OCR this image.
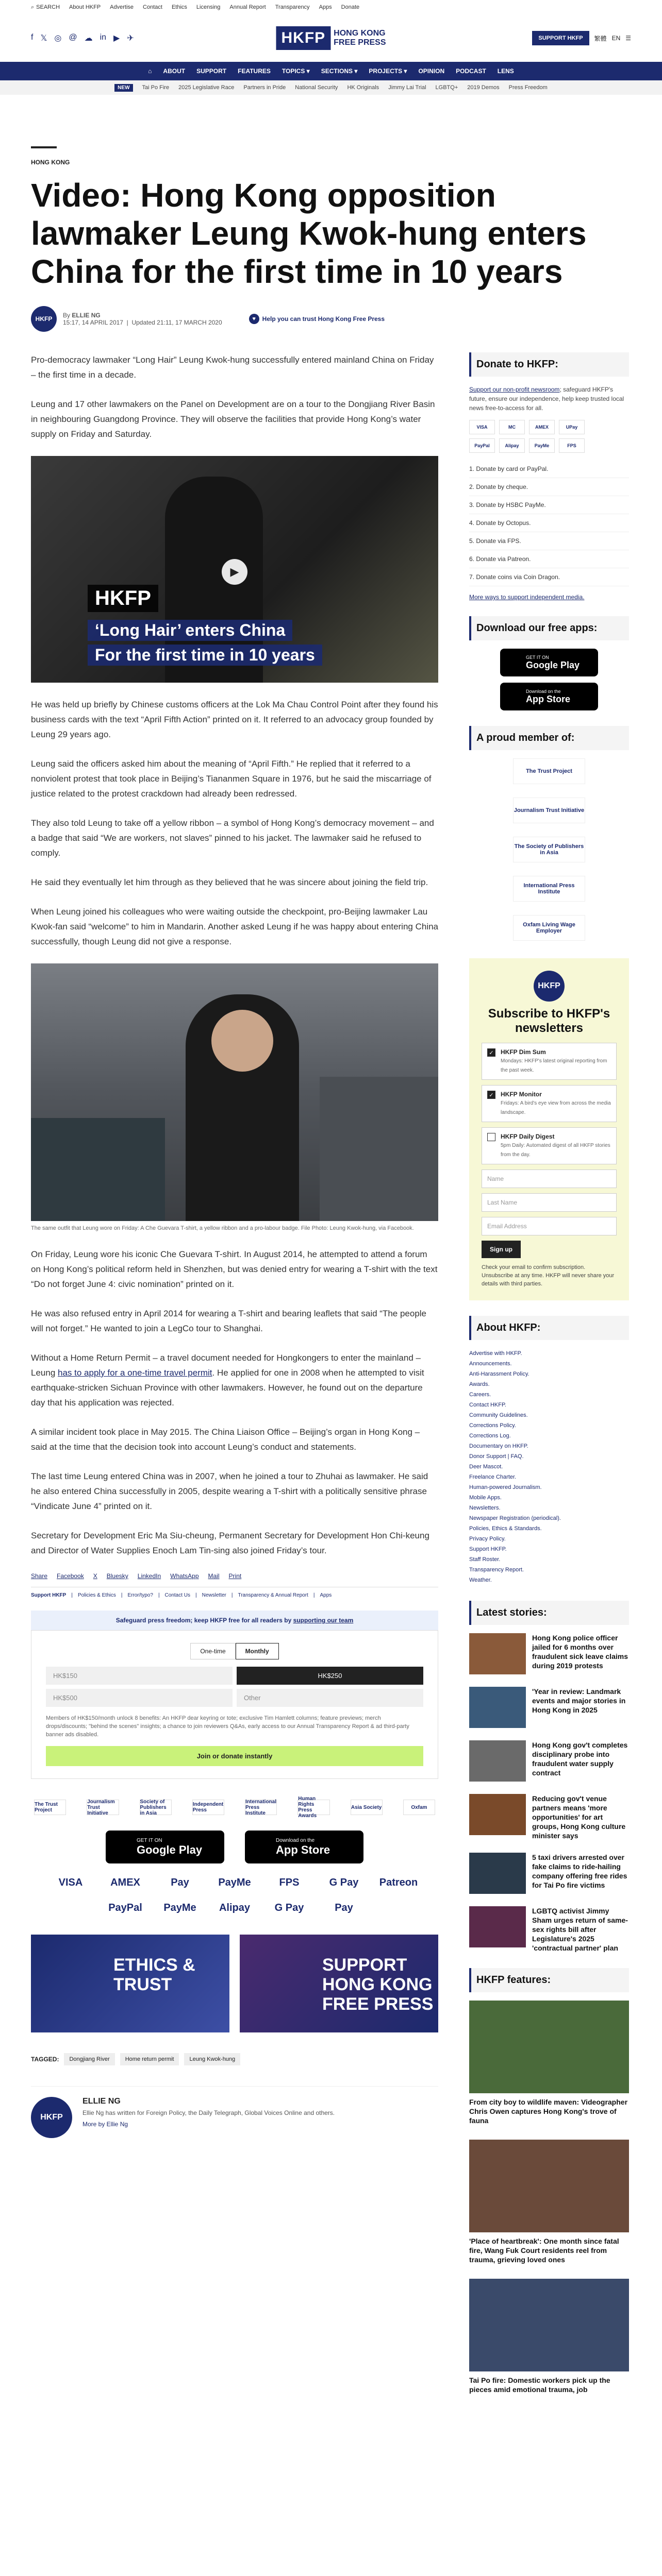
⌕ SEARCH About HKFP Advertise Contact Ethics Licensing Annual Report Transparency Apps Donate
f 𝕏 ◎ @ ☁ in ▶ ✈	HKFP	HONG KONG
FREE PRESS	SUPPORT HKFP	繁體 EN ☰
⌂ ABOUT SUPPORT FEATURES TOPICS ▾ SECTIONS ▾ PROJECTS ▾ OPINION PODCAST LENS
NEW	Tai Po Fire 2025 Legislative Race Partners in Pride National Security HK Originals Jimmy Lai Trial LGBTQ+ 2019 Demos Press Freedom
HONG KONG
Video: Hong Kong opposition lawmaker Leung Kwok-hung enters China for the first time in 10 years
HKFP	By ELLIE NG
15:17, 14 APRIL 2017  |  Updated 21:11, 17 MARCH 2020	♥	Help you can trust Hong Kong Free Press

Pro-democracy lawmaker “Long Hair” Leung Kwok-hung successfully entered mainland China on Friday – the first time in a decade.

Leung and 17 other lawmakers on the Panel on Development are on a tour to the Dongjiang River Basin in neighbouring Guangdong Province. They will observe the facilities that provide Hong Kong’s water supply on Friday and Saturday.

HKFP
‘Long Hair’ enters China
For the first time in 10 years
▶

He was held up briefly by Chinese customs officers at the Lok Ma Chau Control Point after they found his business cards with the text “April Fifth Action” printed on it. It referred to an advocacy group founded by Leung 29 years ago.

Leung said the officers asked him about the meaning of “April Fifth.” He replied that it referred to a nonviolent protest that took place in Beijing’s Tiananmen Square in 1976, but he said the miscarriage of justice related to the protest crackdown had already been redressed.

They also told Leung to take off a yellow ribbon – a symbol of Hong Kong’s democracy movement – and a badge that said “We are workers, not slaves” pinned to his jacket. The lawmaker said he refused to comply.

He said they eventually let him through as they believed that he was sincere about joining the field trip.

When Leung joined his colleagues who were waiting outside the checkpoint, pro-Beijing lawmaker Lau Kwok-fan said “welcome” to him in Mandarin. Another asked Leung if he was happy about entering China successfully, though Leung did not give a response.

The same outfit that Leung wore on Friday: A Che Guevara T-shirt, a yellow ribbon and a pro-labour badge. File Photo: Leung Kwok-hung, via Facebook.

On Friday, Leung wore his iconic Che Guevara T-shirt. In August 2014, he attempted to attend a forum on Hong Kong’s political reform held in Shenzhen, but was denied entry for wearing a T-shirt with the text “Do not forget June 4: civic nomination” printed on it.

He was also refused entry in April 2014 for wearing a T-shirt and bearing leaflets that said “The people will not forget.” He wanted to join a LegCo tour to Shanghai.

Without a Home Return Permit – a travel document needed for Hongkongers to enter the mainland – Leung has to apply for a one-time travel permit. He applied for one in 2008 when he attempted to visit earthquake-stricken Sichuan Province with other lawmakers. However, he found out on the departure day that his application was rejected.

A similar incident took place in May 2015. The China Liaison Office – Beijing’s organ in Hong Kong – said at the time that the decision took into account Leung’s conduct and statements.

The last time Leung entered China was in 2007, when he joined a tour to Zhuhai as lawmaker. He said he also entered China successfully in 2005, despite wearing a T-shirt with a politically sensitive phrase “Vindicate June 4” printed on it.

Secretary for Development Eric Ma Siu-cheung, Permanent Secretary for Development Hon Chi-keung and Director of Water Supplies Enoch Lam Tin-sing also joined Friday’s tour.

Share Facebook X Bluesky LinkedIn WhatsApp Mail Print
Support HKFP | Policies & Ethics | Error/typo? | Contact Us | Newsletter | Transparency & Annual Report | Apps
Safeguard press freedom; keep HKFP free for all readers by supporting our team
One-time	Monthly
HK$150	HK$250
HK$500	Other
Members of HK$150/month unlock 8 benefits: An HKFP dear keyring or tote; exclusive Tim Hamlett columns; feature previews; merch drops/discounts; "behind the scenes" insights; a chance to join reviewers Q&As, early access to our Annual Transparency Report & ad third-party banner ads disabled.
Join or donate instantly
The Trust Project
Journalism Trust Initiative
Society of Publishers in Asia
Independent Press
International Press Institute
Human Rights Press Awards
Asia Society	Oxfam
GET IT ON
Google Play
Download on the
App Store
VISA	AMEX	Pay	PayMe	FPS	G Pay	Patreon
PayPal	PayMe	Alipay	G Pay	Pay
ETHICS & TRUST
SUPPORT HONG KONG FREE PRESS
TAGGED:	Dongjiang River	Home return permit	Leung Kwok-hung
HKFP
ELLIE NG

Ellie Ng has written for Foreign Policy, the Daily Telegraph, Global Voices Online and others.

More by Ellie Ng

Donate to HKFP:
Support our non-profit newsroom; safeguard HKFP's future, ensure our independence, help keep trusted local news free-to-access for all.
VISA	MC	AMEX	UPay
PayPal	Alipay	PayMe	FPS
1. Donate by card or PayPal.
2. Donate by cheque.
3. Donate by HSBC PayMe.
4. Donate by Octopus.
5. Donate via FPS.
6. Donate via Patreon.
7. Donate coins via Coin Dragon.
More ways to support independent media.
Download our free apps:
GET IT ON
Google Play
Download on the
App Store
A proud member of:
The Trust Project
Journalism Trust Initiative
The Society of Publishers in Asia
International Press Institute
Oxfam Living Wage Employer
HKFP
Subscribe to HKFP's newsletters
✓ HKFP Dim Sum
Mondays: HKFP's latest original reporting from the past week.
✓ HKFP Monitor
Fridays: A bird's eye view from across the media landscape.
HKFP Daily Digest
5pm Daily: Automated digest of all HKFP stories from the day.
Name
Last Name
Email Address
Sign up
Check your email to confirm subscription. Unsubscribe at any time. HKFP will never share your details with third parties.
About HKFP:
Advertise with HKFP.
Announcements.
Anti-Harassment Policy.
Awards.
Careers.
Contact HKFP.
Community Guidelines.
Corrections Policy.
Corrections Log.
Documentary on HKFP.
Donor Support | FAQ.
Deer Mascot.
Freelance Charter.
Human-powered Journalism.
Mobile Apps.
Newsletters.
Newspaper Registration (periodical).
Policies, Ethics & Standards.
Privacy Policy.
Support HKFP.
Staff Roster.
Transparency Report.
Weather.
Latest stories:
Hong Kong police officer jailed for 6 months over fraudulent sick leave claims during 2019 protests
'Year in review: Landmark events and major stories in Hong Kong in 2025
Hong Kong gov't completes disciplinary probe into fraudulent water supply contract
Reducing gov't venue partners means 'more opportunities' for art groups, Hong Kong culture minister says
5 taxi drivers arrested over fake claims to ride-hailing company offering free rides for Tai Po fire victims
LGBTQ activist Jimmy Sham urges return of same-sex rights bill after Legislature's 2025 'contractual partner' plan
HKFP features:
From city boy to wildlife maven: Videographer Chris Owen captures Hong Kong's trove of fauna
'Place of heartbreak': One month since fatal fire, Wang Fuk Court residents reel from trauma, grieving loved ones
Tai Po fire: Domestic workers pick up the pieces amid emotional trauma, job
